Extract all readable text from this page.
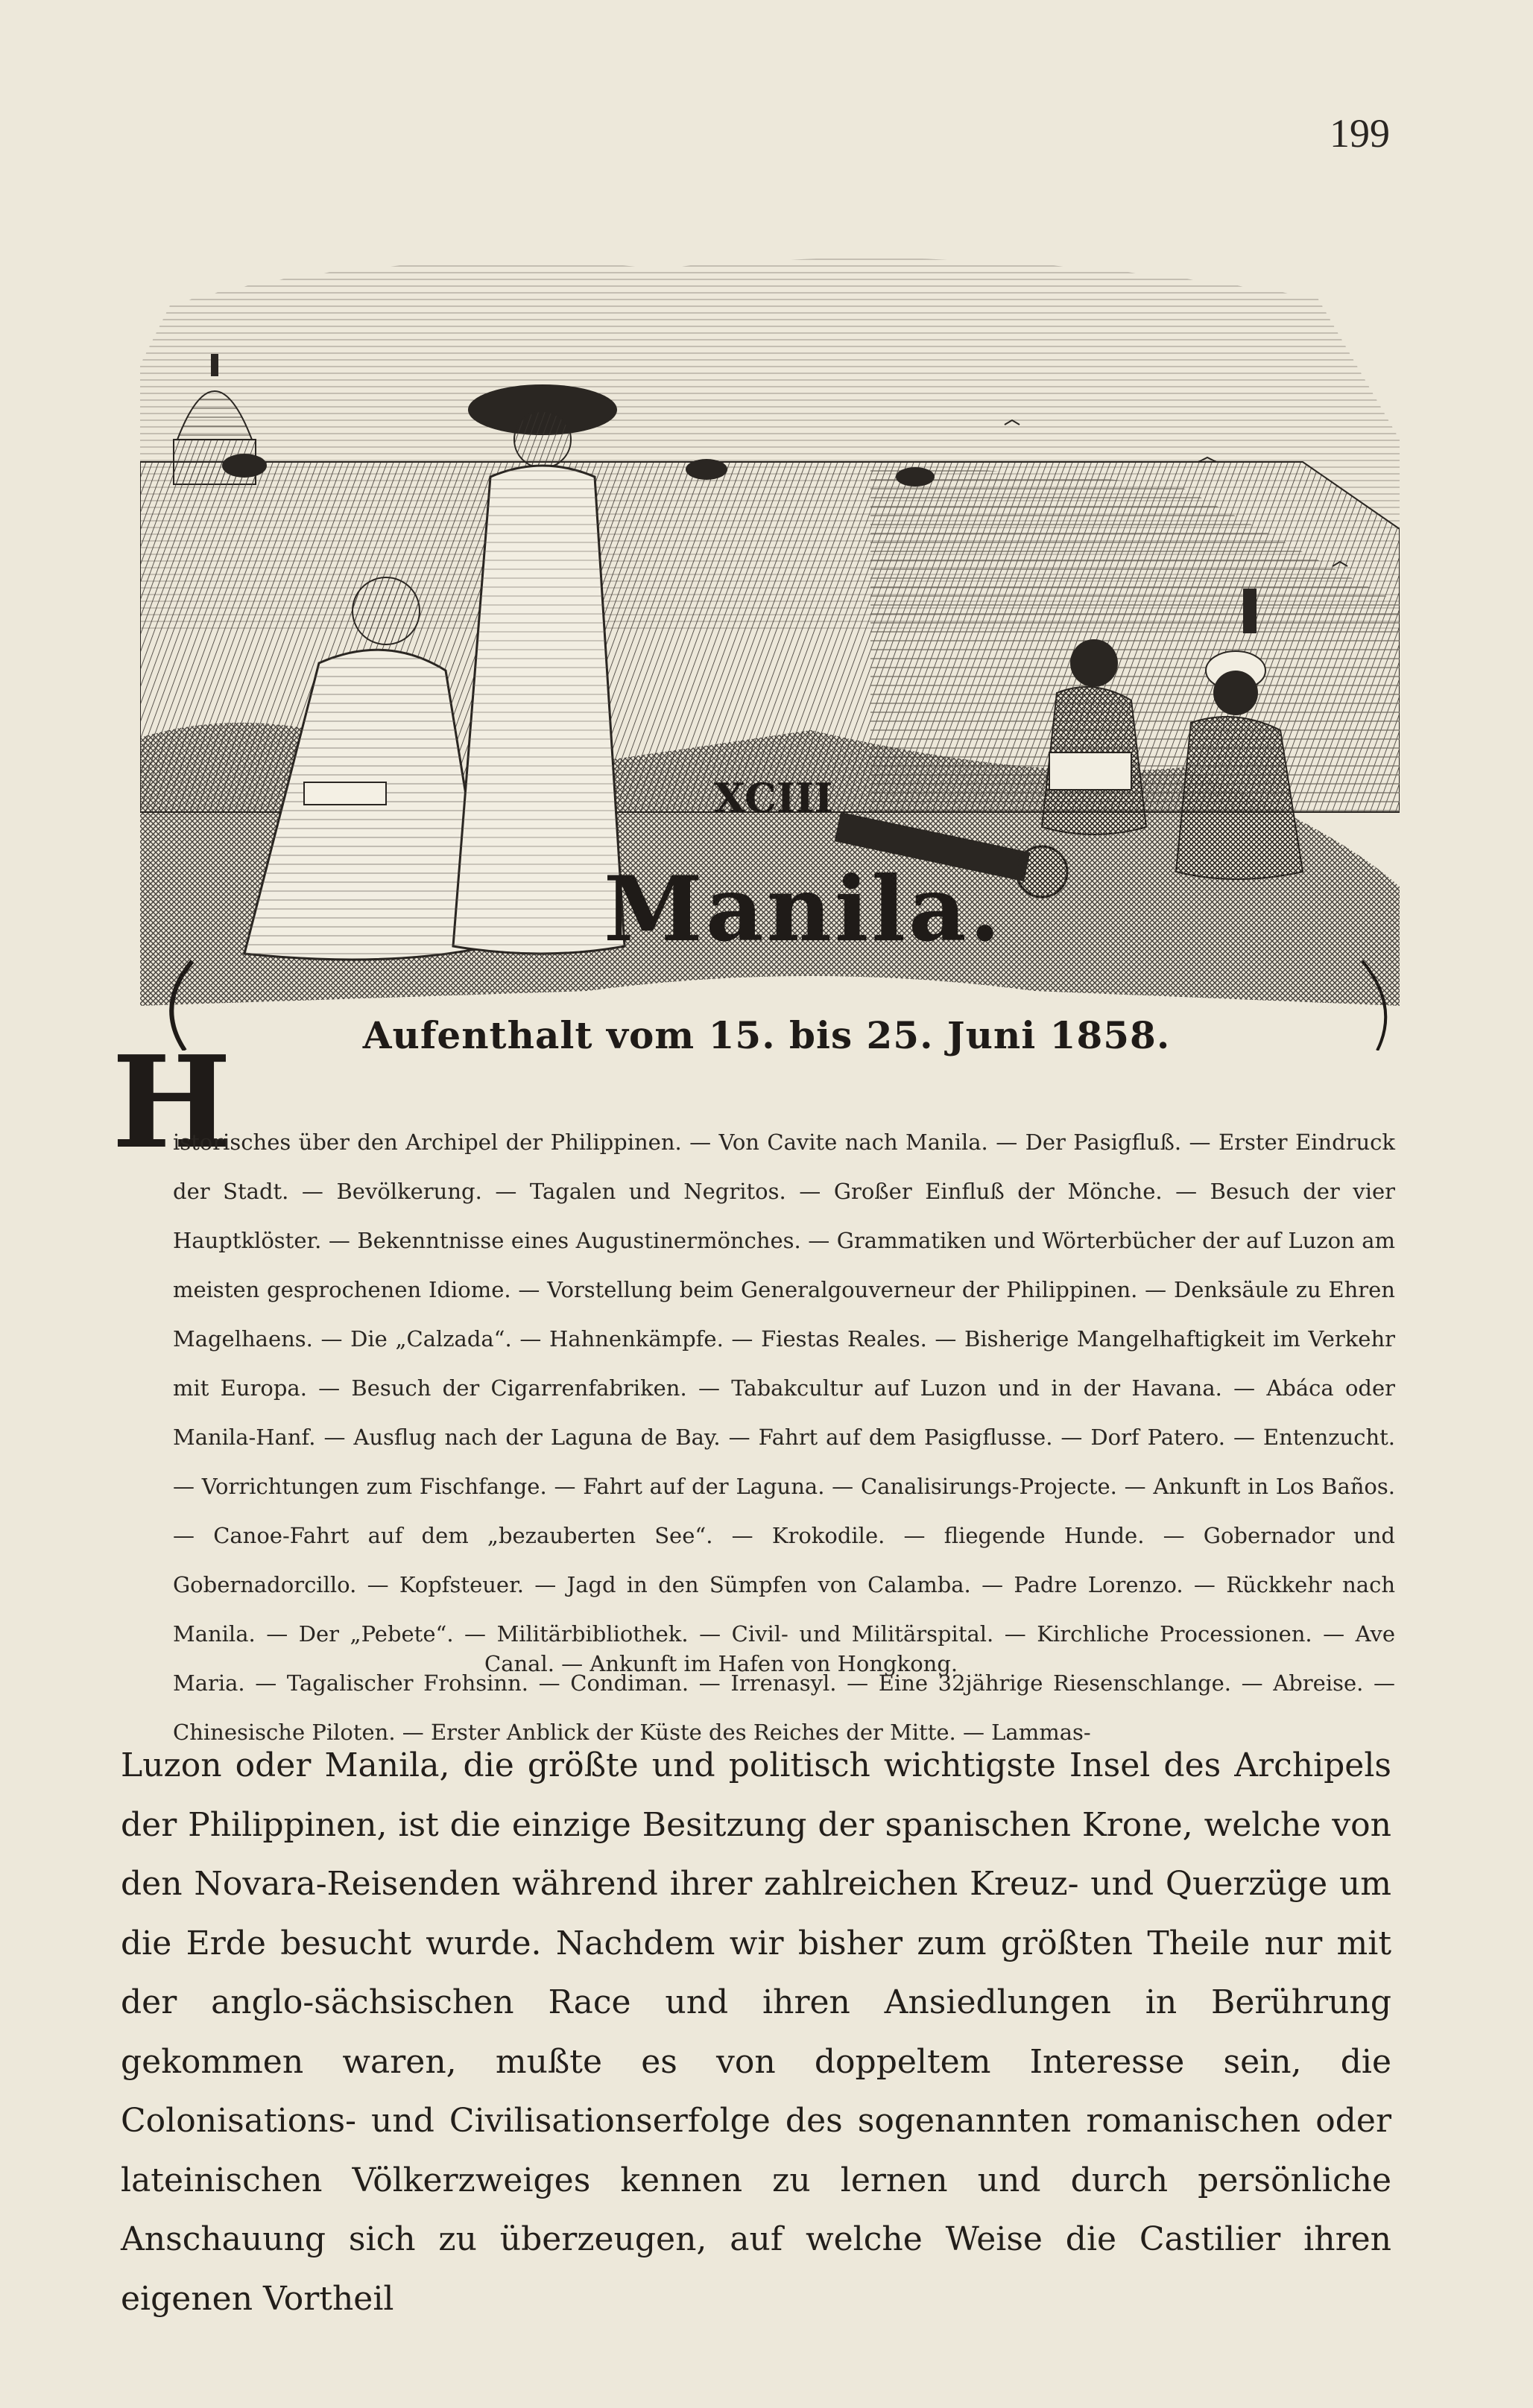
199
XCIII
Manila.
Aufenthalt vom 15. bis 25. Juni 1858.
H
istorisches über den Archipel der Philippinen. — Von Cavite nach Manila. — Der Pasigfluß. — Erster Eindruck der Stadt. — Bevölkerung. — Tagalen und Negritos. — Großer Einfluß der Mönche. — Besuch der vier Hauptklöster. — Bekenntnisse eines Augustinermönches. — Grammatiken und Wörterbücher der auf Luzon am meisten gesprochenen Idiome. — Vorstellung beim Generalgouverneur der Philippinen. — Denksäule zu Ehren Magelhaens. — Die „Calzada“. — Hahnenkämpfe. — Fiestas Reales. — Bisherige Mangelhaftigkeit im Verkehr mit Europa. — Besuch der Cigarrenfabriken. — Tabakcultur auf Luzon und in der Havana. — Abáca oder Manila-Hanf. — Ausflug nach der Laguna de Bay. — Fahrt auf dem Pasigflusse. — Dorf Patero. — Entenzucht. — Vorrichtungen zum Fischfange. — Fahrt auf der Laguna. — Canalisirungs-Projecte. — Ankunft in Los Baños. — Canoe-Fahrt auf dem „bezauberten See“. — Krokodile. — fliegende Hunde. — Gobernador und Gobernadorcillo. — Kopfsteuer. — Jagd in den Sümpfen von Calamba. — Padre Lorenzo. — Rückkehr nach Manila. — Der „Pebete“. — Militärbibliothek. — Civil- und Militärspital. — Kirchliche Processionen. — Ave Maria. — Tagalischer Frohsinn. — Condiman. — Irrenasyl. — Eine 32jährige Riesenschlange. — Abreise. — Chinesische Piloten. — Erster Anblick der Küste des Reiches der Mitte. — Lammas-
Canal. — Ankunft im Hafen von Hongkong.
Luzon oder Manila, die größte und politisch wichtigste Insel des Archipels der Philippinen, ist die einzige Besitzung der spanischen Krone, welche von den Novara-Reisenden während ihrer zahlreichen Kreuz- und Querzüge um die Erde besucht wurde. Nachdem wir bisher zum größten Theile nur mit der anglo-sächsischen Race und ihren Ansiedlungen in Berührung gekommen waren, mußte es von doppeltem Interesse sein, die Colonisations- und Civilisationserfolge des sogenannten romanischen oder lateinischen Völkerzweiges kennen zu lernen und durch persönliche Anschauung sich zu überzeugen, auf welche Weise die Castilier ihren eigenen Vortheil
